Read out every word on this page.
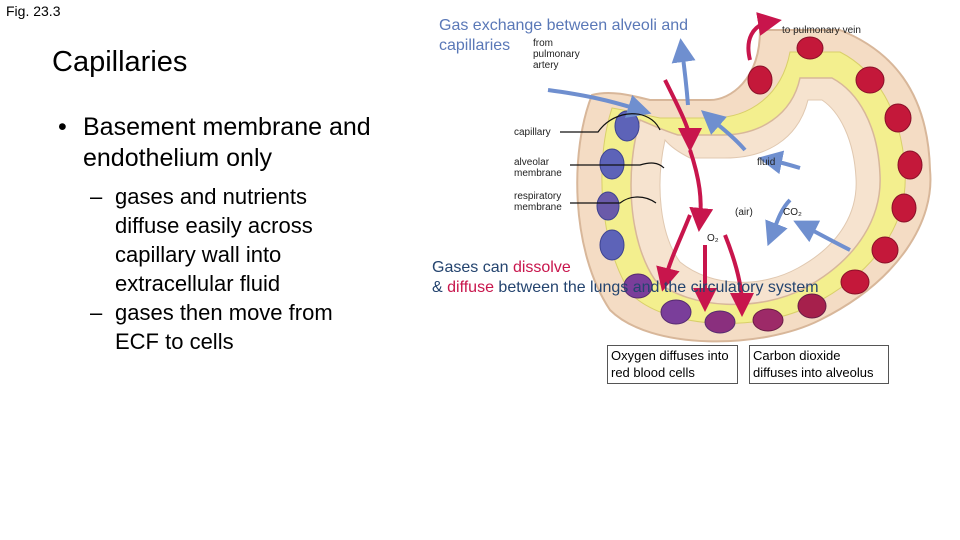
Fig. 23.3
Capillaries
• Basement membrane and endothelium only
– gases and nutrients diffuse easily across capillary wall into extracellular fluid
– gases then move from ECF to cells
Gas exchange between alveoli and capillaries	from pulmonary artery
to pulmonary vein
capillary
alveolar membrane
respiratory membrane
fluid
(air)
O₂
CO₂
Gases can dissolve
& diffuse between the lungs and the circulatory system
Oxygen diffuses into red blood cells
Carbon dioxide diffuses into alveolus
